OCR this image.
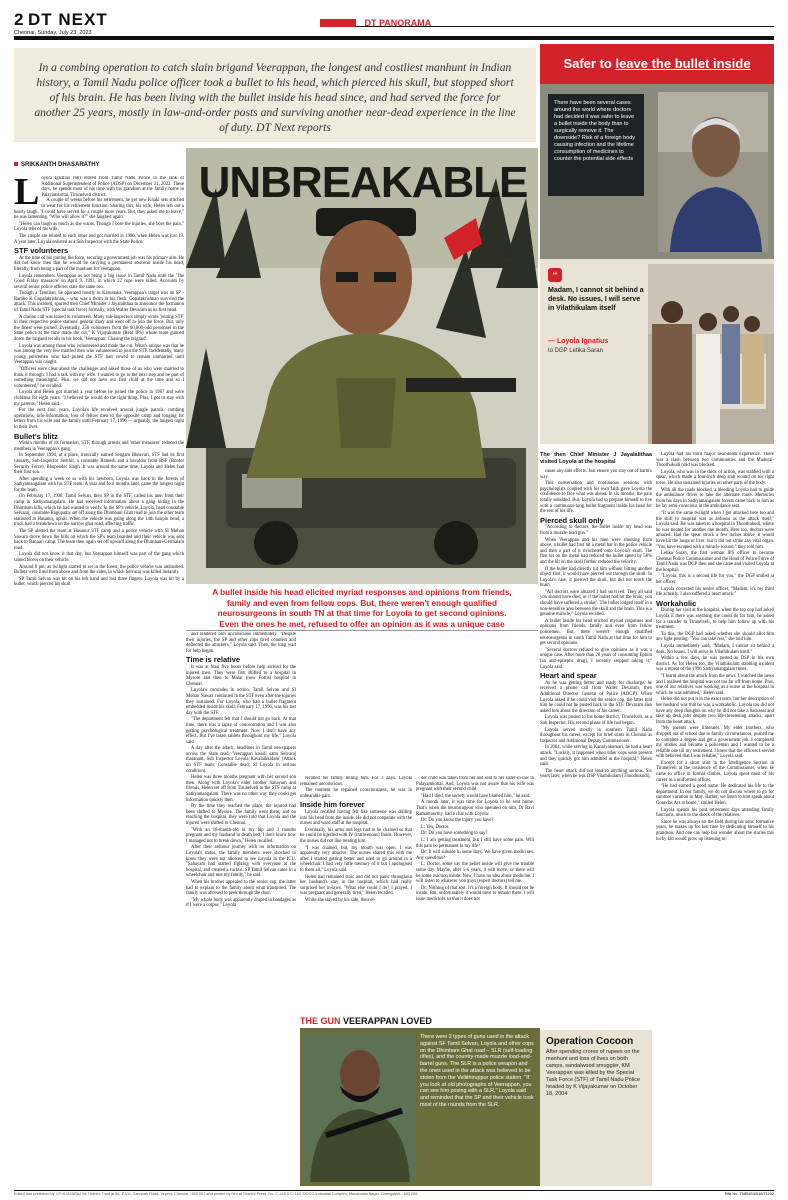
2 DT NEXT
Chennai, Sunday, July 23, 2023
DT PANORAMA
In a combing operation to catch slain brigand Veerappan, the longest and costliest manhunt in Indian history, a Tamil Nadu police officer took a bullet to his head, which pierced his skull, but stopped short of his brain. He has been living with the bullet inside his head since, and had served the force for another 25 years, mostly in law-and-order posts and surviving another near-dead experience in the line of duty. DT Next reports
Safer to leave the bullet inside
There have been several cases around the world where doctors had decided it was safer to leave a bullet inside the body than to surgically remove it. The downside? Risk of a foreign body causing infection and the lifetime consumption of medicines to counter the potential side effects
“
Madam, I cannot sit behind a desk. No issues, I will serve in Vilathikulam itself
— Loyola Ignatius
to DGP Letika Saran
SRIKKANTH DHASARATHY
Illustration: Saai
UNBREAKABLE
L oyola Ignatius (60) retired from Tamil Nadu Police in the rank of Additional Superintendent of Police (ADSP) on December 31, 2022. These days, he spends most of his time with his grandson at the family home in Palayamkottai, Tirunelveli district.

A couple of weeks before his retirement, he got new Khaki sets stitched to wear for his retirement function. Sharing this, his wife, Helen lets out a hearty laugh. "I could have served for a couple more years. But, they asked me to leave," he was lamenting. "Who will allow it?" she laughed again.

"Helen can laugh as much as she wants. Though I bore the injuries, she bore the pain," Loyola tells of his wife.

The couple are related to each other and got married in 1986, when Helen was just 19. A year later, Loyola enlisted as a Sub Inspector with the State Police.

STF volunteers

At the time of his joining the force, securing a government job was his primary aim. He did not know then that he would be carrying a permanent souvenir inside his head, literally, from being a part of the manhunt for Veerappan.

Loyola remembers Veerappan as not being a 'big issue' in Tamil Nadu until the 'The Good Friday massacre' on April 9, 1993, in which 22 cops were killed. Accounts by several senior police officers state the same too.

Though a Tamilian, he operated mostly in Karnataka. Veerappan's target was an SP - Rambo K Gopalakrishnan, - who was a thorn in his flesh. Gopalakrishnan survived the attack. This incident, spurred then Chief Minister J Jayalalithaa to announce the formation of Tamil Nadu STF (special task force) formally, with Walter Devaram as its first head.

A clarion call was issued to volunteers. Many sub-inspectors simply wrote 'joining STF' in their respective police stations' general diary and went off to join the force. But, only the finest were picked. Eventually, 250 volunteers from the 60,000-odd personnel in the State police at the time made the cut," K Vijayakumar (Retd IPS) whose team gunned down the brigand recalls in his book, 'Veerappan: Chasing the brigand'.

Loyola was among those who volunteered and made the cut. What's unique was that he was among the very few married men who volunteered to join the STF. Incidentally, many young policemen who had joined the STF had vowed to remain unmarried until Veerappan was caught.

"Officers were clear about the challenges and asked those of us who were married to think it through. I had a talk with my wife. I wanted to go to the next step and be part of something meaningful. Plus, we did not have our first child at the time and so I volunteered," he recalled.

Loyola and Helen got married a year before he joined the police in 1987 and were childless for eight years. "I believed he would do the right thing. Plus, I got to stay with my parents," Helen said.

For the next four years, Loyola's life revolved around jungle patrols, combing operations, info-information, loss of fellow men to the opposite camp and longing for letters from his wife and the family until February 17, 1996 — arguably, the longest night in their lives.

Bullet's blitz

Within months of its formation, STF, through arrests and 'other measures' reduced the members in Veerappan's gang.

In September 1994, at a place, ironically named Sengam Bheavari, STF had its first casualty, Sub-Inspector Senthil, a constable Ramesh and a havaldar from BSF (Border Security Force), Bhupender Singh. It was around the same time, Loyola and Helen had their first son.

After spending a week or so with his newborn, Loyola was back in the forests of Sathyamangalam with his STF team. A year and four months later, came the longest night for the team.

On February 17, 1996, Tamil Selvan, then SP in the STF, called his men from their camp in Sathyamangalam. He had received information about a gang hiding in the Dhimbam hills, which he had wanted to verify. In the SP's vehicle, Loyola, head constable Selvaraj, constable Ragupathy set off along the Dhimbam Ghat road to join the other team stationed at Hasanur, uphill. When the vehicle was going along the 14th hairpin bend, a truck had a breakdown on the narrow ghat road, affecting traffic.

The SP alerted the team at Hasanur STF camp and a police vehicle with SI Mohan Sawara drove down the hills on which the SP's team boarded and their vehicle was sent back to Bannari camp. The team then again set off upward along the Dhimbam-Germalam road.

Loyola did not know it that day, but Veerappan himself was part of the gang which rained blows on their vehicle.

Around 6 pm, as twilight started to set in the forest, the police vehicle was ambushed. Bullets were fired from above and from the sides, in which Selvaraj was killed instantly.

SP Tamil Selvan was hit on his left hand and lost three fingers. Loyola was hit by a bullet, which pierced his skull

A bullet inside his head elicited myriad responses and opinions from friends, family and even from fellow cops. But, there weren't enough qualified neurosurgeons in south TN at that time for Loyola to get second opinions. Even the ones he met, refused to offer an opinion as it was a unique case

and rendered him unconscious immediately. "Despite their injuries, the SP and other cops fired counters and deflected the attackers," Loyola said. Then, the long wait for help began.

Time is relative

It was at least five hours before help arrived for the injured men. They were first shifted to a hospital in Mysore and then to Malar (now Fortis) hospital in Chennai.

Loyola's comrades in action, Tamil Selvan and SI Mohan Nawaz continued in the STF even after the injuries they sustained. For Loyola, who had a bullet fragment embedded inside his skull, February 17, 1996, was his last day with the STF.

"The department felt that I should not go back. At that time, there was a lapse of concentration and I was also getting psychological treatment. Now I don't have any effect. But I've taken tablets throughout my life," Loyola said.

A day after the attack, headlines in Tamil newspapers across the State read, 'Veerappan koosli sattu Selvaraj maranam, Sub Inspector Loyola Kavalaikkidam' (Attack on STF team; Constable dead; SI Loyola in serious condition).

Helen was three months pregnant with her second son then. Along with Loyola's elder brother Sahayam and friends, Helen set off from Tirunelveli to the STF camp at Sathyamangalam. There was no other way they could get information quickly then.

By the time they reached the place, the injured had been shifted to Mysore. The family went there, and on reaching the hospital, they were told that Loyola and the injured were shifted to Chennai.

"With an 18-month-old in my hip and 3 months pregnant and my husband in death bed, I don't know how I managed not to break down," Helen recalled.

After their arduous journey with no information on Loyola's status, the family members were shocked to know they were not allowed to see Loyola in the ICU. "Sahayam had started fighting with everyone at the hospital, and created a ruckus. SP Tamil Selvan came in a wheelchair and met my family," he said.

When his brother appealed to the senior cop, the latter had to explain to the family about what transpired. The family was allowed to peek through the door.

"My whole body was apparently draped in bandages as if I were a corpse," Loyola

recalled his family telling him. For 3 days, Loyola remained unconscious.

The moment he regained consciousness, he was in unbearable pain.

Inside him forever

Loyola recalled having felt like someone was drilling into his head from the inside. He did not cooperate with the nurses and ward staff at the hospital.

Eventually, his arms and legs had to be chained so that he could be injected with IV (intravenous) fluids. However, the nurses did not like treating him.

"I was chained, but, my mouth was open. I was apparently very abusive. The nurses shared this with me after I started getting better and used to go around in a wheelchair. I had very little memory of it but I apologised to them all," Loyola said.

Helen had remained stoic and did not panic throughout her husband's stay in the hospital, which had really surprised her in-laws. "What else could I do? I prayed. I was pregnant and generally tired," Helen recalled.

While she stayed by his side, their el-

der child was taken from her and sent to her sister-in-law in Palayamkottai. And, Loyola was not aware that his wife was pregnant with their second child.

"Had I died, the society would have blamed him," he said.

A month later, it was time for Loyola to be sent home. That's when the neurosurgeon who operated on him, Dr Ravi Ramamoorthy, had a chat with Loyola:

Dr: Do you know the injury you have?

L: Yes, Doctor.

Dr: Do you have something to say?

L: I am getting treatment, but I still have some pain. Will this pain be permanent in my life?

Dr: It will subside in some days. We have given medicines. Any questions?

L: Doctor, some say the pellet inside will give me trouble some day. Maybe, after 5-6 years, it will move, or there will be some reaction inside. Now, I have no idea about medicine. I will listen to whatever you guys (expert doctors) tell me.

Dr: Nothing of that sort. It's a foreign body. It should not be inside. But, unfortunately it would have to remain there. I will issue medicines so that it does not

The then Chief Minister J Jayalalithaa visited Loyola at the hospital

cause any side effects. Just ensure you stay out of harm's way.

This conversation and continuous sessions with psychologists coupled with his own faith gave Loyola the confidence to face what was ahead. In six months, the pain totally subsided. But, Loyola had to prepare himself to live with a continuous-long bullet fragment inside his head for the rest of his life.

Pierced skull only

"According to doctors, the bullet inside my head was from a muzzle-load gun."

When Veerappan and his men were shooting from above, a bullet had first hit a metal bar in the police vehicle and then a part of it ricocheted onto Loyola's skull. The first hit on the metal had reduced the bullet speed by 50% and the hit on the skull further reduced the velocity.

If the bullet had directly hit him without hitting another object first, it would have pierced out through the skull. In Loyola's case, it pierced the skull, but did not touch the brain.

"All doctors were amazed I had survived. They all said you should have died, or if the bullet had hit the brain, you should have suffered a stroke". The bullet lodged itself in a non-sensitive area between the skull and the brain. This is a genuine miracle," Loyola recalled.

A bullet inside his head elicited myriad responses and opinions from friends, family and even from fellow policemen. But, there weren't enough qualified neurosurgeons in south Tamil Nadu at that time for him to get second opinions.

"Several doctors refused to give opinions as it was a unique case. After more than 20 years of consuming Eptoin (an anti-epileptic drug), I recently stopped taking it," Loyola said.

Heart and spear

As he was getting better and ready for discharge, he received a phone call from Walter Devaram, then Additional Director General of Police (ADGP). When Loyola asked if he could visit the senior cop, the latter told him he could not be posted back to the STF. Devaram also asked him about the direction of his career.

Loyola was posted to his home district, Tirunelveli, as a Sub Inspector. His second phase of life had begun.

Loyola served mostly in southern Tamil Nadu throughout his career, except for brief stints in Chennai as Inspector and Additional Deputy Commissioner.

In 2004, while serving in Kanniyakumari, he had a heart attack. "Luckily, it happened when other cops were present and they quickly got him admitted in the hospital," Helen said.

The heart attack did not lead to anything serious. Six years later, when he was DSP Vilathikulam (Thoothukudi),

Loyola had his third major near-death experience. There was a clash between two communities and the Madurai-Thoothukudi road was blocked.

Loyola, who was in the thick of action, was stabbed with a spear, which made a four-inch deep stab wound on his right torso. He also sustained injuries on other parts of the body.

With all the roads blocked, a bleeding Loyola had to guide the ambulance driver to take the alternate route. Memories from his days in Sathyamangalam forests came back to him as he lay semi-conscious in the ambulance seat.

"It was the same twilight when I got attacked here too and the shift to hospital was as arduous as the attack itself," Loyola said. He was taken to a hospital in Thoothukudi, where he was treated for another one month. Here too, doctors were amazed. Had the spear struck a few inches above, it would have hit the lungs or liver, but it did not strike any vital organ. "You have escaped with a miracle wound," they told him.

Letika Saran, the first woman IPS officer to become Chennai Police Commissioner and the Head of Police Force of Tamil Nadu was DGP then and she came and visited Loyola at the hospital.

"Loyola, this is a second life for you," the DGP smiled at her officer.

Loyola corrected his senior officer, "Madam, it's my third life actually. I also suffered a heart attack."

Workaholic

During her visit at the hospital, when the top cop had asked Loyola if there was anything she could do for him, he asked for a transfer to Tirunelveli, to help him follow up with his treatment.

To this, the DGP had asked whether she should allot him any light posting. "You can take rest," she told him.

Loyola immediately said, "Madam, I cannot sit behind a desk. No issues, I will serve in Vilathikulam itself."

Within a few days, he was posted as DSP in his own district. As for Helen too, the Vilathikulam stabbing incident was a repeat of the 1996 Sathyamangalam times.

"I learnt about the attack from the news. I watched the news and I realised the hospital was not too far off from home. Plus, one of our relatives was working as a nurse at the hospital in which he was admitted," Helen said.

Helen did not put it in the exact term, but her description of her husband was that he was a workaholic. Loyola too did not have any deep thoughts on why he did not take a backseat and take up desk jobs despite two life-threatening attacks, apart from the heart attack.

"My parents were illiterates. My elder brothers, who dropped out of school due to family circumstances, pushed me to complete a degree and get a government job. I completed my studies and became a policeman and I wanted to be a reliable one till my retirement. I knew that the officers I served with believed that I was reliable," Loyola said.

Except for a short stint in the Intelligence Section in Tirunelveli at the insistence of the Commissioner, when he came to office in formal clothes, Loyola spent most of his career as a uniformed officer.

"He had earned a good name. He dedicated his life to the department. In our family, we do not discuss where to go for summer vacation in May. Rather, we listen to him speak about Goondas Act at home," smiled Helen.

Loyola spends his post retirement days attending family functions, much to the shock of the relatives.

Since he was always on the field during his sons' formative years, he makes up for lost time by dedicating himself to his grandson. And one can help but wonder about the stories this lucky kid would grow up listening to!

THE GUN VEERAPPAN LOVED
There were 2 types of guns used in the attack against SF Tamil Selvan, Loyola and other cops on the Dhimbam Ghat road – SLR (self-loading rifles), and the country-made muzzle load-and-barrel guns. The SLR is a police weapon and the ones used in the attack was believed to be stolen from the Vellithiruppur police station. "If you look at old photographs of Veerappan, you can see him posing with a SLR," Loyola said and reminded that the SP and their vehicle took most of the rounds from the SLR.
Operation Cocoon
After spending crores of rupees on the manhunt and loss of lives on both camps, sandalwood smuggler, KM Veerappan was killed by the Special Task Force (STF) of Tamil Nadu Police headed by K Vijayakumar on October 18, 2004
Edited and published by J.P.VIJAYARAJ for Thanthi Trust at 86, E.V.K. Sampath Road, Vepery, Chennai - 600 007 and printed by him at Thanthi Press, No. C-148 & C-14C SIDCO Industrial Complex, Maraimalai Nagar, Chengalpet - 603 209.	RNI No. TNENG/2016/71202
